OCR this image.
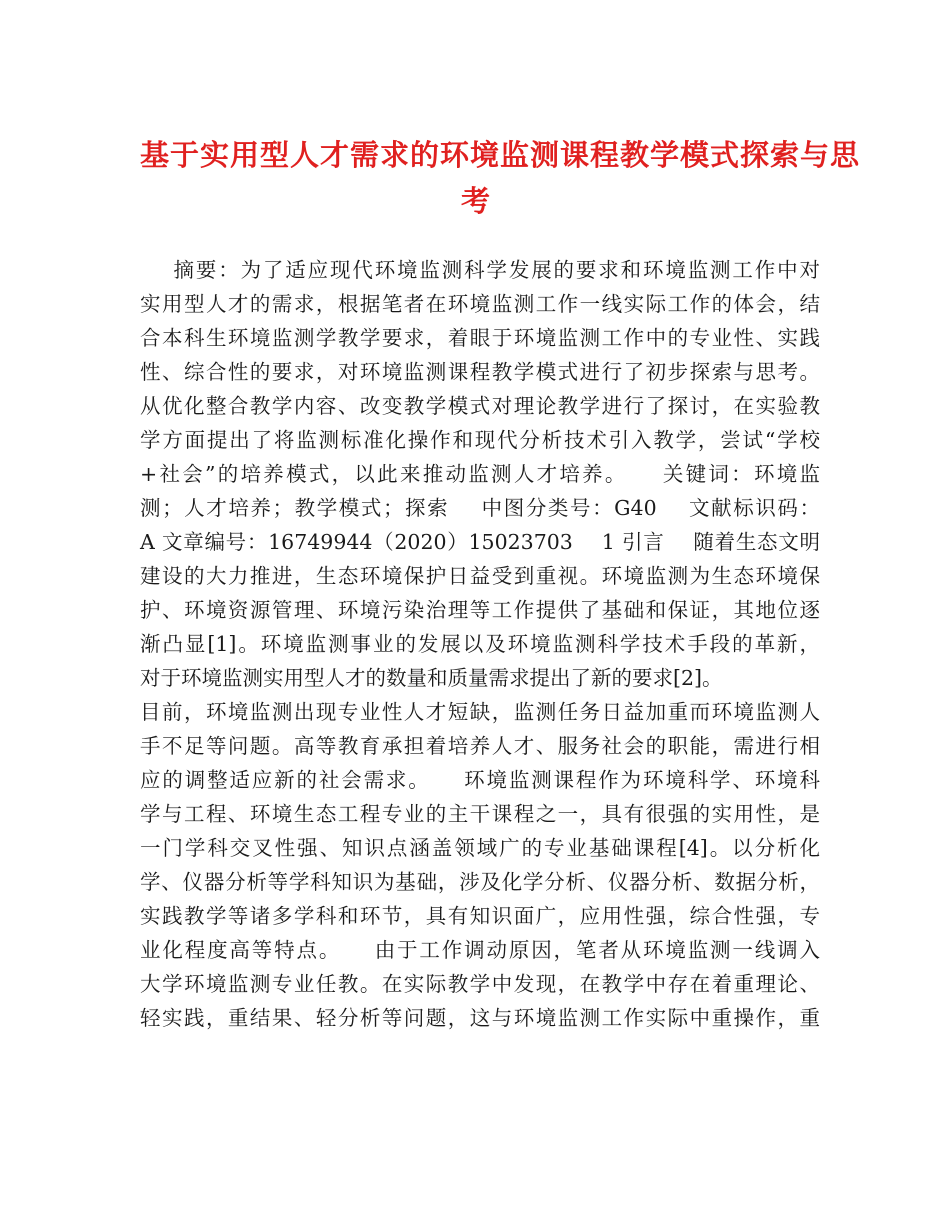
基于实用型人才需求的环境监测课程教学模式探索与思
考
摘要：为了适应现代环境监测科学发展的要求和环境监测工作中对
实用型人才的需求，根据笔者在环境监测工作一线实际工作的体会，结
合本科生环境监测学教学要求，着眼于环境监测工作中的专业性、实践
性、综合性的要求，对环境监测课程教学模式进行了初步探索与思考。
从优化整合教学内容、改变教学模式对理论教学进行了探讨，在实验教
学方面提出了将监测标准化操作和现代分析技术引入教学，尝试“学校
+社会”的培养模式，以此来推动监测人才培养。    关键词：环境监
测；人才培养；教学模式；探索    中图分类号：G40    文献标识码：
A 文章编号：16749944（2020）15023703    1 引言    随着生态文明
建设的大力推进，生态环境保护日益受到重视。环境监测为生态环境保
护、环境资源管理、环境污染治理等工作提供了基础和保证，其地位逐
渐凸显[1]。环境监测事业的发展以及环境监测科学技术手段的革新，
对于环境监测实用型人才的数量和质量需求提出了新的要求[2]。
目前，环境监测出现专业性人才短缺，监测任务日益加重而环境监测人
手不足等问题。高等教育承担着培养人才、服务社会的职能，需进行相
应的调整适应新的社会需求。    环境监测课程作为环境科学、环境科
学与工程、环境生态工程专业的主干课程之一，具有很强的实用性，是
一门学科交叉性强、知识点涵盖领域广的专业基础课程[4]。以分析化
学、仪器分析等学科知识为基础，涉及化学分析、仪器分析、数据分析，
实践教学等诸多学科和环节，具有知识面广，应用性强，综合性强，专
业化程度高等特点。    由于工作调动原因，笔者从环境监测一线调入
大学环境监测专业任教。在实际教学中发现，在教学中存在着重理论、
轻实践，重结果、轻分析等问题，这与环境监测工作实际中重操作，重
